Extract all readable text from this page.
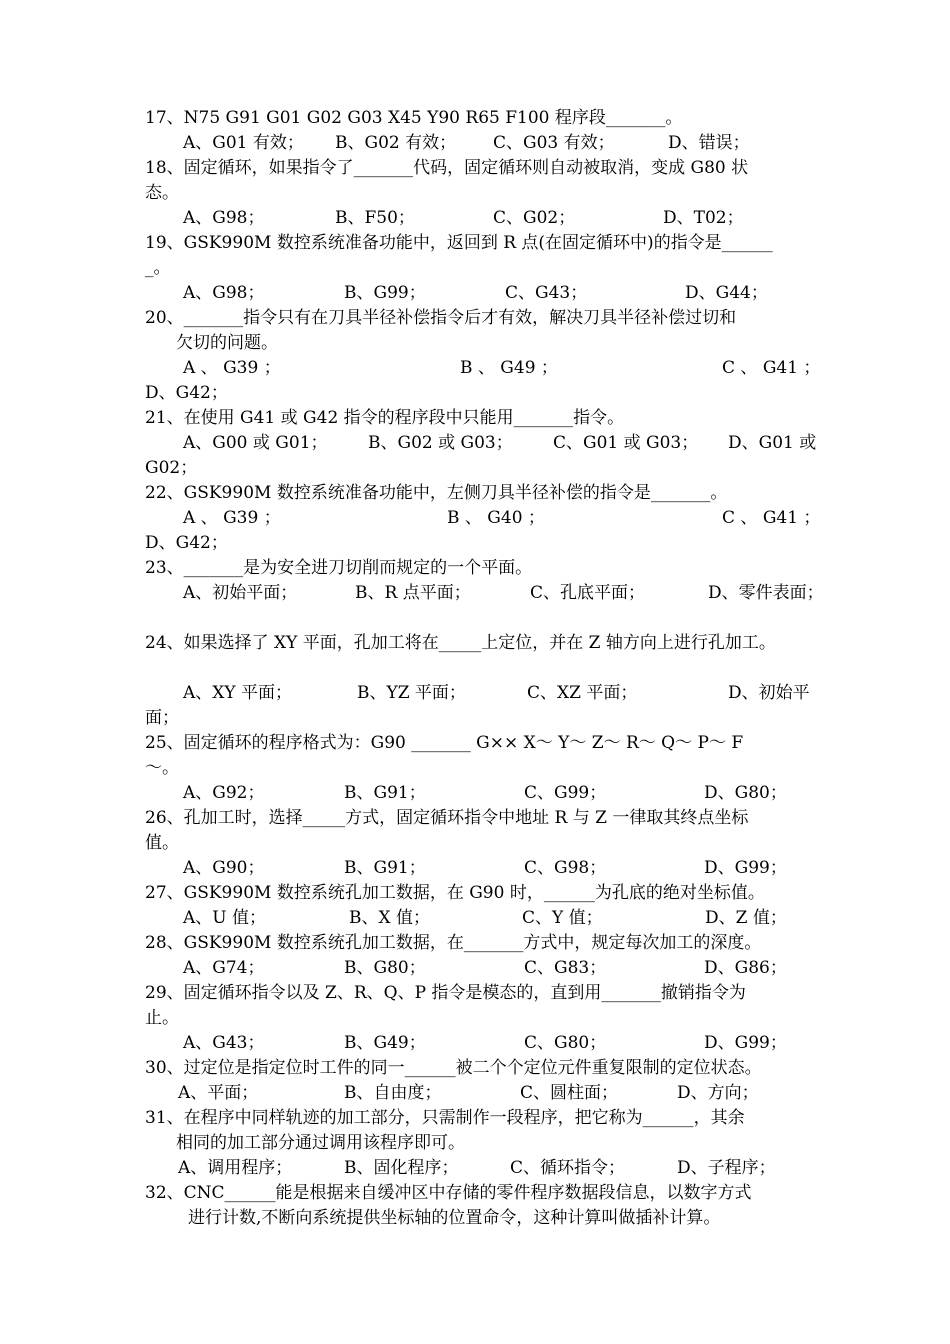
17、N75 G91 G01 G02 G03 X45 Y90 R65 F100 程序段_______。
A、G01 有效； B、G02 有效； C、G03 有效；	D、错误；
18、固定循环，如果指令了_______代码，固定循环则自动被取消，变成 G80 状
态。
A、G98；	B、F50；	C、G02；	D、T02；
19、GSK990M 数控系统准备功能中，返回到 R 点(在固定循环中)的指令是______
_。
A、G98；	B、G99；	C、G43；	D、G44；
20、_______指令只有在刀具半径补偿指令后才有效，解决刀具半径补偿过切和
欠切的问题。
A 、 G39 ；	B 、 G49 ；	C 、 G41 ；
D、G42；
21、在使用 G41 或 G42 指令的程序段中只能用_______指令。
A、G00 或 G01； B、G02 或 G03； C、G01 或 G03； D、G01 或
G02；
22、GSK990M 数控系统准备功能中，左侧刀具半径补偿的指令是_______。
A 、 G39 ；	B 、 G40 ；	C 、 G41 ；
D、G42；
23、_______是为安全进刀切削而规定的一个平面。
A、初始平面；	B、R 点平面；	C、孔底平面；	D、零件表面；
24、如果选择了 XY 平面，孔加工将在_____上定位，并在 Z 轴方向上进行孔加工。
A、XY 平面；	B、YZ 平面；	C、XZ 平面；	D、初始平
面；
25、固定循环的程序格式为：G90 _______ G×× X～ Y～ Z～ R～ Q～ P～ F
～。
A、G92；	B、G91；	C、G99；	D、G80；
26、孔加工时，选择_____方式，固定循环指令中地址 R 与 Z 一律取其终点坐标
值。
A、G90；	B、G91；	C、G98；	D、G99；
27、GSK990M 数控系统孔加工数据，在 G90 时，______为孔底的绝对坐标值。
A、U 值；	B、X 值；	C、Y 值；	D、Z 值；
28、GSK990M 数控系统孔加工数据，在_______方式中，规定每次加工的深度。
A、G74；	B、G80；	C、G83；	D、G86；
29、固定循环指令以及 Z、R、Q、P 指令是模态的，直到用_______撤销指令为
止。
A、G43；	B、G49；	C、G80；	D、G99；
30、过定位是指定位时工件的同一______被二个个定位元件重复限制的定位状态。
A、平面；	B、自由度；	C、圆柱面；	D、方向；
31、在程序中同样轨迹的加工部分，只需制作一段程序，把它称为______，其余
相同的加工部分通过调用该程序即可。
A、调用程序；	B、固化程序；	C、循环指令；	D、子程序；
32、CNC______能是根据来自缓冲区中存储的零件程序数据段信息，以数字方式
进行计数,不断向系统提供坐标轴的位置命令，这种计算叫做插补计算。
